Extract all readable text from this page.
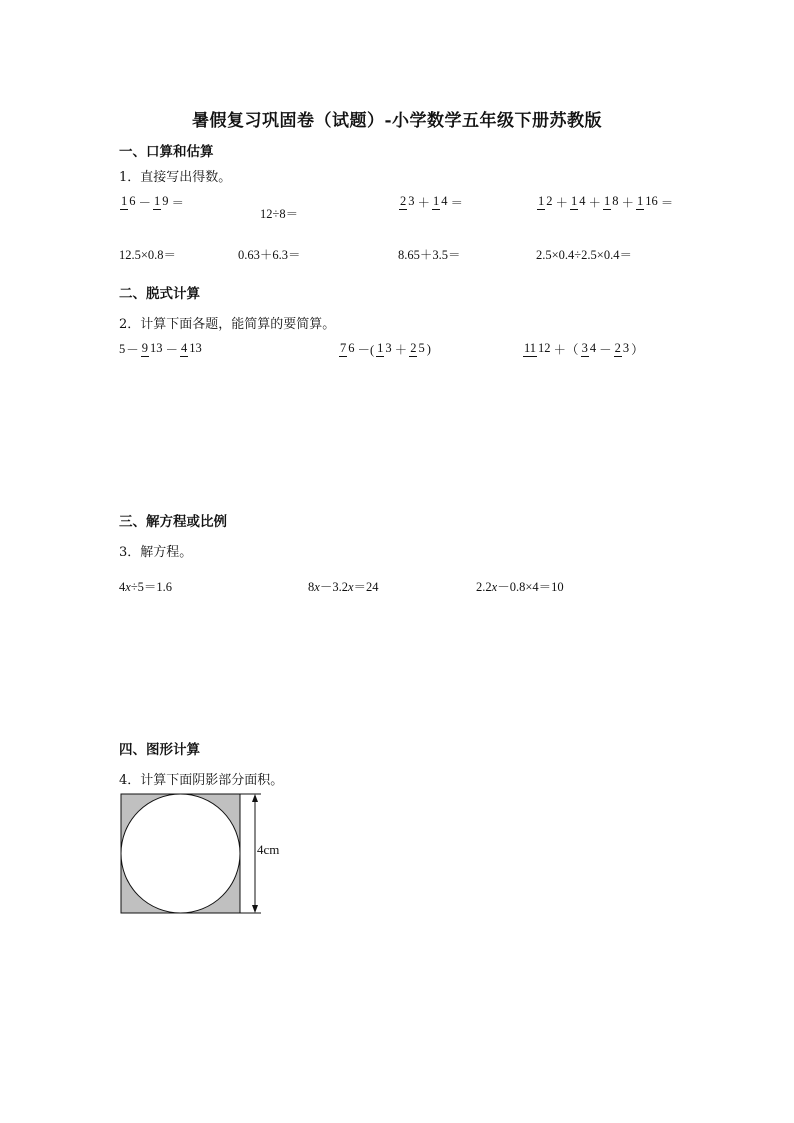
暑假复习巩固卷（试题）-小学数学五年级下册苏教版
一、口算和估算
1．直接写出得数。
1 6 － 1 9 ＝
12÷8＝
2 3 ＋ 1 4 ＝	1 2 ＋ 1 4 ＋ 1 8 ＋ 1 16 ＝
12.5×0.8＝	0.63＋6.3＝	8.65＋3.5＝	2.5×0.4÷2.5×0.4＝
二、脱式计算
2．计算下面各题，能简算的要简算。
5 － 9 13 － 4 13	7 6 －( 1 3 ＋ 2 5 )	11 12 ＋（ 3 4 － 2 3 ）
三、解方程或比例
3．解方程。
4x÷5＝1.6	8x－3.2x＝24	2.2x－0.8×4＝10
四、图形计算
4．计算下面阴影部分面积。
4cm
